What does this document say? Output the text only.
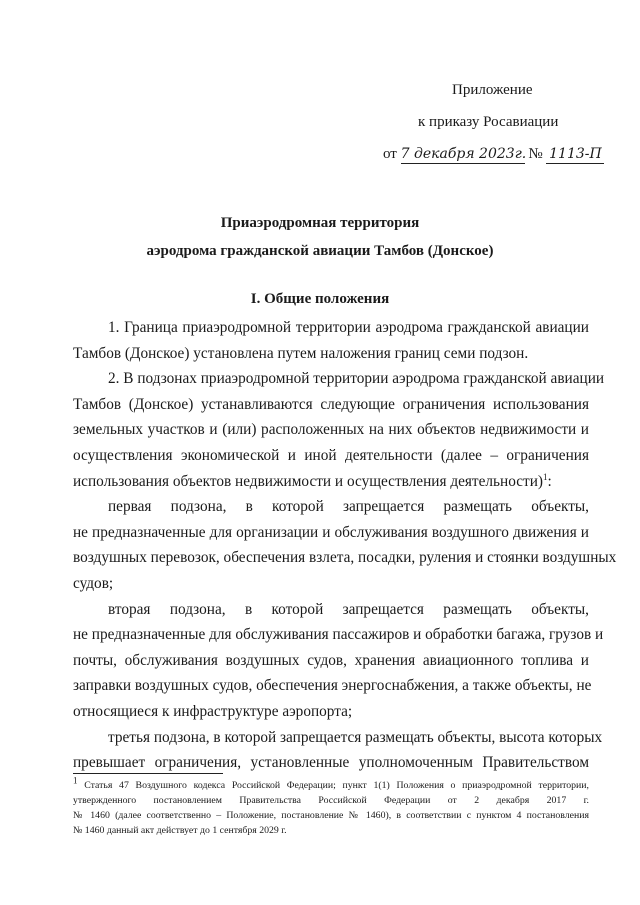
Приложение
к приказу Росавиации
от 7 декабря 2023г. № 1113-П
Приаэродромная территория
аэродрома гражданской авиации Тамбов (Донское)
I. Общие положения
1. Граница приаэродромной территории аэродрома гражданской авиации
Тамбов (Донское) установлена путем наложения границ семи подзон.
2. В подзонах приаэродромной территории аэродрома гражданской авиации
Тамбов (Донское) устанавливаются следующие ограничения использования
земельных участков и (или) расположенных на них объектов недвижимости и
осуществления экономической и иной деятельности (далее – ограничения
использования объектов недвижимости и осуществления деятельности)$^1$:
первая подзона, в которой запрещается размещать объекты,
не предназначенные для организации и обслуживания воздушного движения и
воздушных перевозок, обеспечения взлета, посадки, руления и стоянки воздушных
судов;
вторая подзона, в которой запрещается размещать объекты,
не предназначенные для обслуживания пассажиров и обработки багажа, грузов и
почты, обслуживания воздушных судов, хранения авиационного топлива и
заправки воздушных судов, обеспечения энергоснабжения, а также объекты, не
относящиеся к инфраструктуре аэропорта;
третья подзона, в которой запрещается размещать объекты, высота которых
превышает ограничения, установленные уполномоченным Правительством
$^1$ Статья 47 Воздушного кодекса Российской Федерации; пункт 1(1) Положения о приаэродромной территории,
утвержденного постановлением Правительства Российской Федерации от 2 декабря 2017 г.
№ 1460 (далее соответственно – Положение, постановление № 1460), в соответствии с пунктом 4 постановления
№ 1460 данный акт действует до 1 сентября 2029 г.
